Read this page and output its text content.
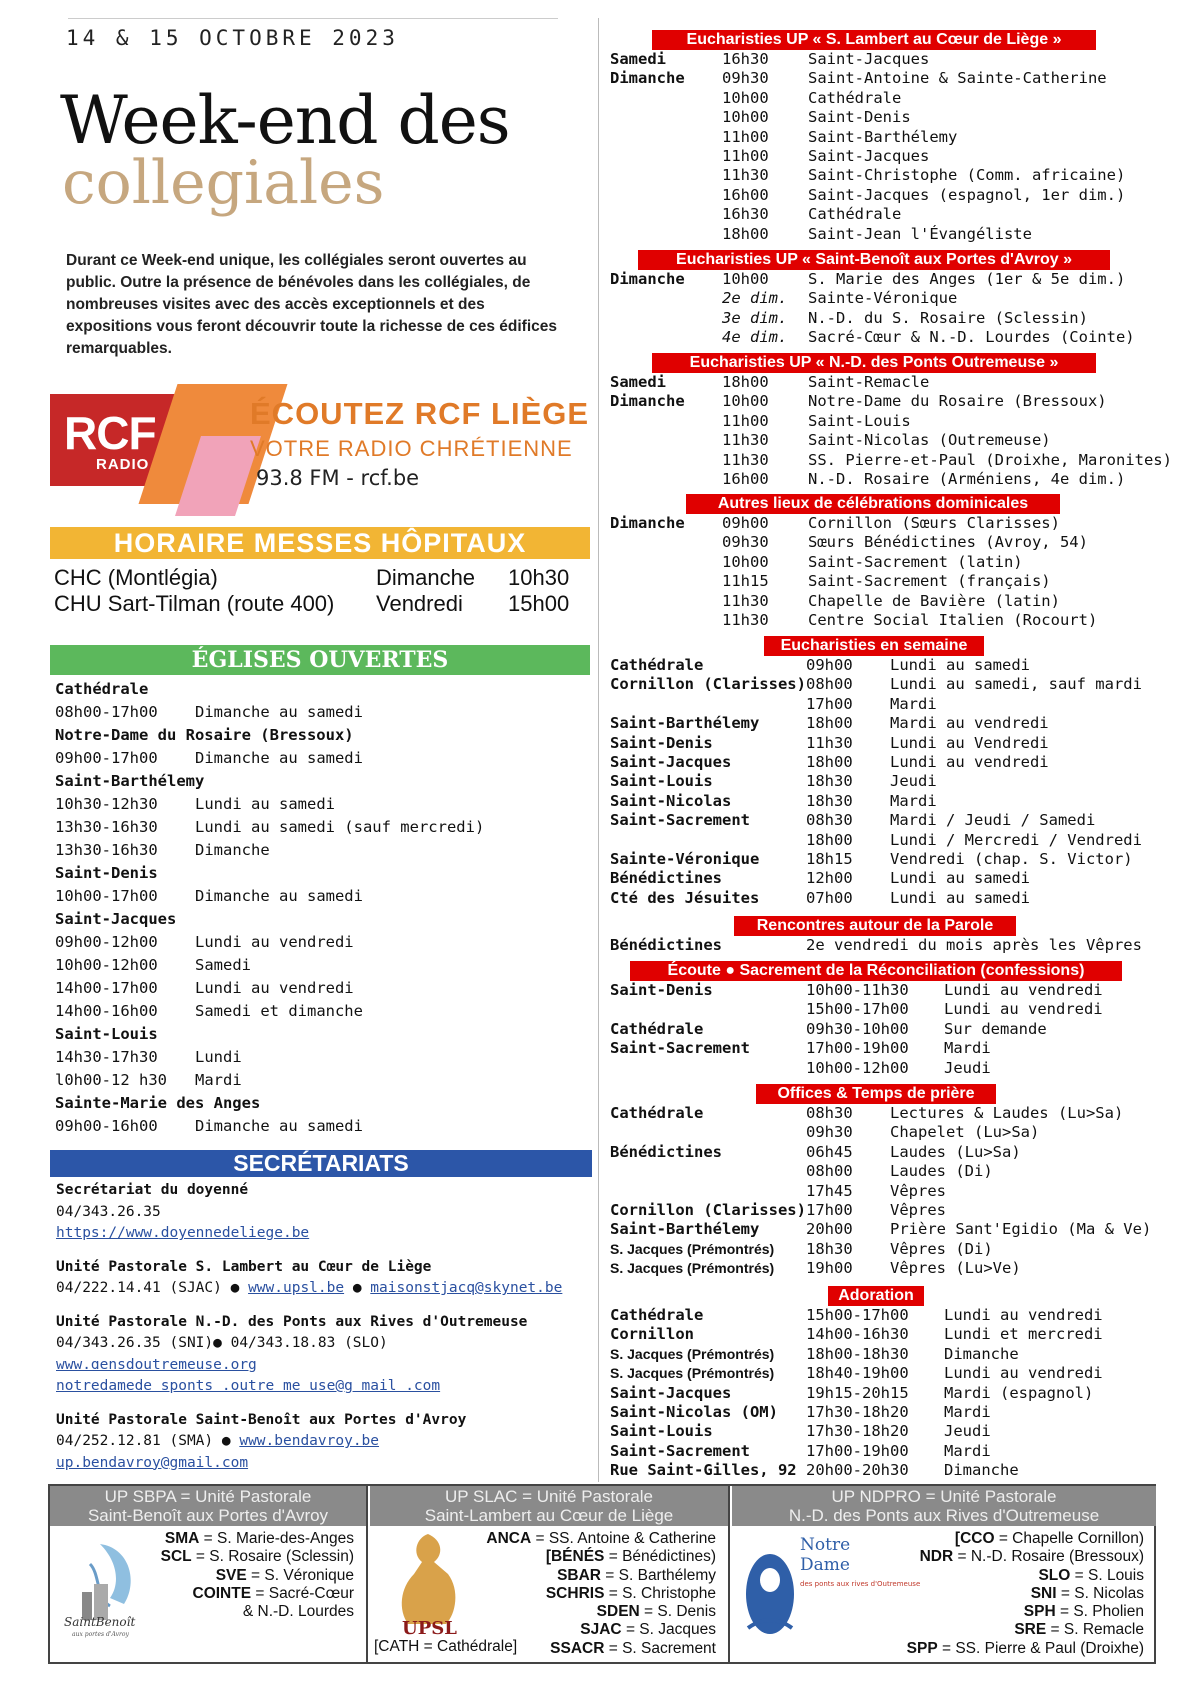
14 & 15 OCTOBRE 2023
Week-end des
collegiales
Durant ce Week-end unique, les collégiales seront ouvertes au public. Outre la présence de bénévoles dans les collégiales, de nombreuses visites avec des accès exceptionnels et des expositions vous feront découvrir toute la richesse de ces édifices remarquables.
RCF
RADIO
ÉCOUTEZ RCF LIÈGE
VOTRE RADIO CHRÉTIENNE
93.8 FM - rcf.be
HORAIRE MESSES HÔPITAUX
CHC (Montlégia)	Dimanche 10h30
CHU Sart-Tilman (route 400) Vendredi 15h00
ÉGLISES OUVERTES
Cathédrale
08h00-17h00 Dimanche au samedi
Notre-Dame du Rosaire (Bressoux)
09h00-17h00 Dimanche au samedi
Saint-Barthélemy
10h30-12h30 Lundi au samedi
13h30-16h30 Lundi au samedi (sauf mercredi)
13h30-16h30 Dimanche
Saint-Denis
10h00-17h00 Dimanche au samedi
Saint-Jacques
09h00-12h00 Lundi au vendredi
10h00-12h00 Samedi
14h00-17h00 Lundi au vendredi
14h00-16h00 Samedi et dimanche
Saint-Louis
14h30-17h30 Lundi
l0h00-12 h30 Mardi
Sainte-Marie des Anges
09h00-16h00 Dimanche au samedi
SECRÉTARIATS
Secrétariat du doyenné
04/343.26.35
https://www.doyennedeliege.be
Unité Pastorale S. Lambert au Cœur de Liège
04/222.14.41 (SJAC) ● www.upsl.be ● maisonstjacq@skynet.be
Unité Pastorale N.-D. des Ponts aux Rives d'Outremeuse
04/343.26.35 (SNI)● 04/343.18.83 (SLO)
www.ɑensdoutremeuse.org
notredamede sponts .outre me use@g mail .com
Unité Pastorale Saint-Benoît aux Portes d'Avroy
04/252.12.81 (SMA) ● www.bendavroy.be
up.bendavroy@gmail.com
Eucharisties UP « S. Lambert au Cœur de Liège »
Samedi	16h30	Saint-Jacques
Dimanche 09h30	Saint-Antoine & Sainte-Catherine
10h00	Cathédrale
10h00	Saint-Denis
11h00	Saint-Barthélemy
11h00	Saint-Jacques
11h30	Saint-Christophe (Comm. africaine)
16h00	Saint-Jacques (espagnol, 1er dim.)
16h30	Cathédrale
18h00	Saint-Jean l'Évangéliste
Eucharisties UP « Saint-Benoît aux Portes d'Avroy »
Dimanche 10h00	S. Marie des Anges (1er & 5e dim.)
2e dim. Sainte-Véronique
3e dim. N.-D. du S. Rosaire (Sclessin)
4e dim. Sacré-Cœur & N.-D. Lourdes (Cointe)
Eucharisties UP « N.-D. des Ponts Outremeuse »
Samedi	18h00	Saint-Remacle
Dimanche 10h00	Notre-Dame du Rosaire (Bressoux)
11h00	Saint-Louis
11h30	Saint-Nicolas (Outremeuse)
11h30	SS. Pierre-et-Paul (Droixhe, Maronites)
16h00	N.-D. Rosaire (Arméniens, 4e dim.)
Autres lieux de célébrations dominicales
Dimanche 09h00	Cornillon (Sœurs Clarisses)
09h30	Sœurs Bénédictines (Avroy, 54)
10h00	Saint-Sacrement (latin)
11h15	Saint-Sacrement (français)
11h30	Chapelle de Bavière (latin)
11h30	Centre Social Italien (Rocourt)
Eucharisties en semaine
Cathédrale	09h00 Lundi au samedi
Cornillon (Clarisses) 08h00 Lundi au samedi, sauf mardi
17h00 Mardi
Saint-Barthélemy	18h00 Mardi au vendredi
Saint-Denis	11h30 Lundi au Vendredi
Saint-Jacques	18h00 Lundi au vendredi
Saint-Louis	18h30 Jeudi
Saint-Nicolas	18h30 Mardi
Saint-Sacrement	08h30 Mardi / Jeudi / Samedi
18h00 Lundi / Mercredi / Vendredi
Sainte-Véronique	18h15 Vendredi (chap. S. Victor)
Bénédictines	12h00 Lundi au samedi
Cté des Jésuites	07h00 Lundi au samedi
Rencontres autour de la Parole
Bénédictines	2e vendredi du mois après les Vêpres
Écoute ● Sacrement de la Réconciliation (confessions)
Saint-Denis	10h00-11h30 Lundi au vendredi
15h00-17h00 Lundi au vendredi
Cathédrale	09h30-10h00 Sur demande
Saint-Sacrement	17h00-19h00 Mardi
10h00-12h00 Jeudi
Offices & Temps de prière
Cathédrale	08h30 Lectures & Laudes (Lu>Sa)
09h30 Chapelet (Lu>Sa)
Bénédictines	06h45 Laudes (Lu>Sa)
08h00 Laudes (Di)
17h45 Vêpres
Cornillon (Clarisses) 17h00 Vêpres
Saint-Barthélemy	20h00 Prière Sant'Egidio (Ma & Ve)
S. Jacques (Prémontrés) 18h30 Vêpres (Di)
S. Jacques (Prémontrés) 19h00 Vêpres (Lu>Ve)
Adoration
Cathédrale	15h00-17h00 Lundi au vendredi
Cornillon	14h00-16h30 Lundi et mercredi
S. Jacques (Prémontrés) 18h00-18h30 Dimanche
S. Jacques (Prémontrés) 18h40-19h00 Lundi au vendredi
Saint-Jacques	19h15-20h15 Mardi (espagnol)
Saint-Nicolas (OM) 17h30-18h20 Mardi
Saint-Louis	17h30-18h20 Jeudi
Saint-Sacrement	17h00-19h00 Mardi
Rue Saint-Gilles, 92 20h00-20h30 Dimanche
UP SBPA = Unité Pastorale
Saint-Benoît aux Portes d'Avroy
SaintBenoît
aux portes d'Avroy
SMA = S. Marie-des-Anges
SCL = S. Rosaire (Sclessin)
SVE = S. Véronique
COINTE = Sacré-Cœur
& N.-D. Lourdes
UP SLAC = Unité Pastorale
Saint-Lambert au Cœur de Liège
UPSL
ANCA = SS. Antoine & Catherine
[BÉNÉS = Bénédictines)
SBAR = S. Barthélemy
SCHRIS = S. Christophe
SDEN = S. Denis
SJAC = S. Jacques
SSACR = S. Sacrement
[CATH = Cathédrale]
UP NDPRO = Unité Pastorale
N.-D. des Ponts aux Rives d'Outremeuse
Notre
Dame
des ponts aux rives d'Outremeuse
[CCO = Chapelle Cornillon)
NDR = N.-D. Rosaire (Bressoux)
SLO = S. Louis
SNI = S. Nicolas
SPH = S. Pholien
SRE = S. Remacle
SPP = SS. Pierre & Paul (Droixhe)
